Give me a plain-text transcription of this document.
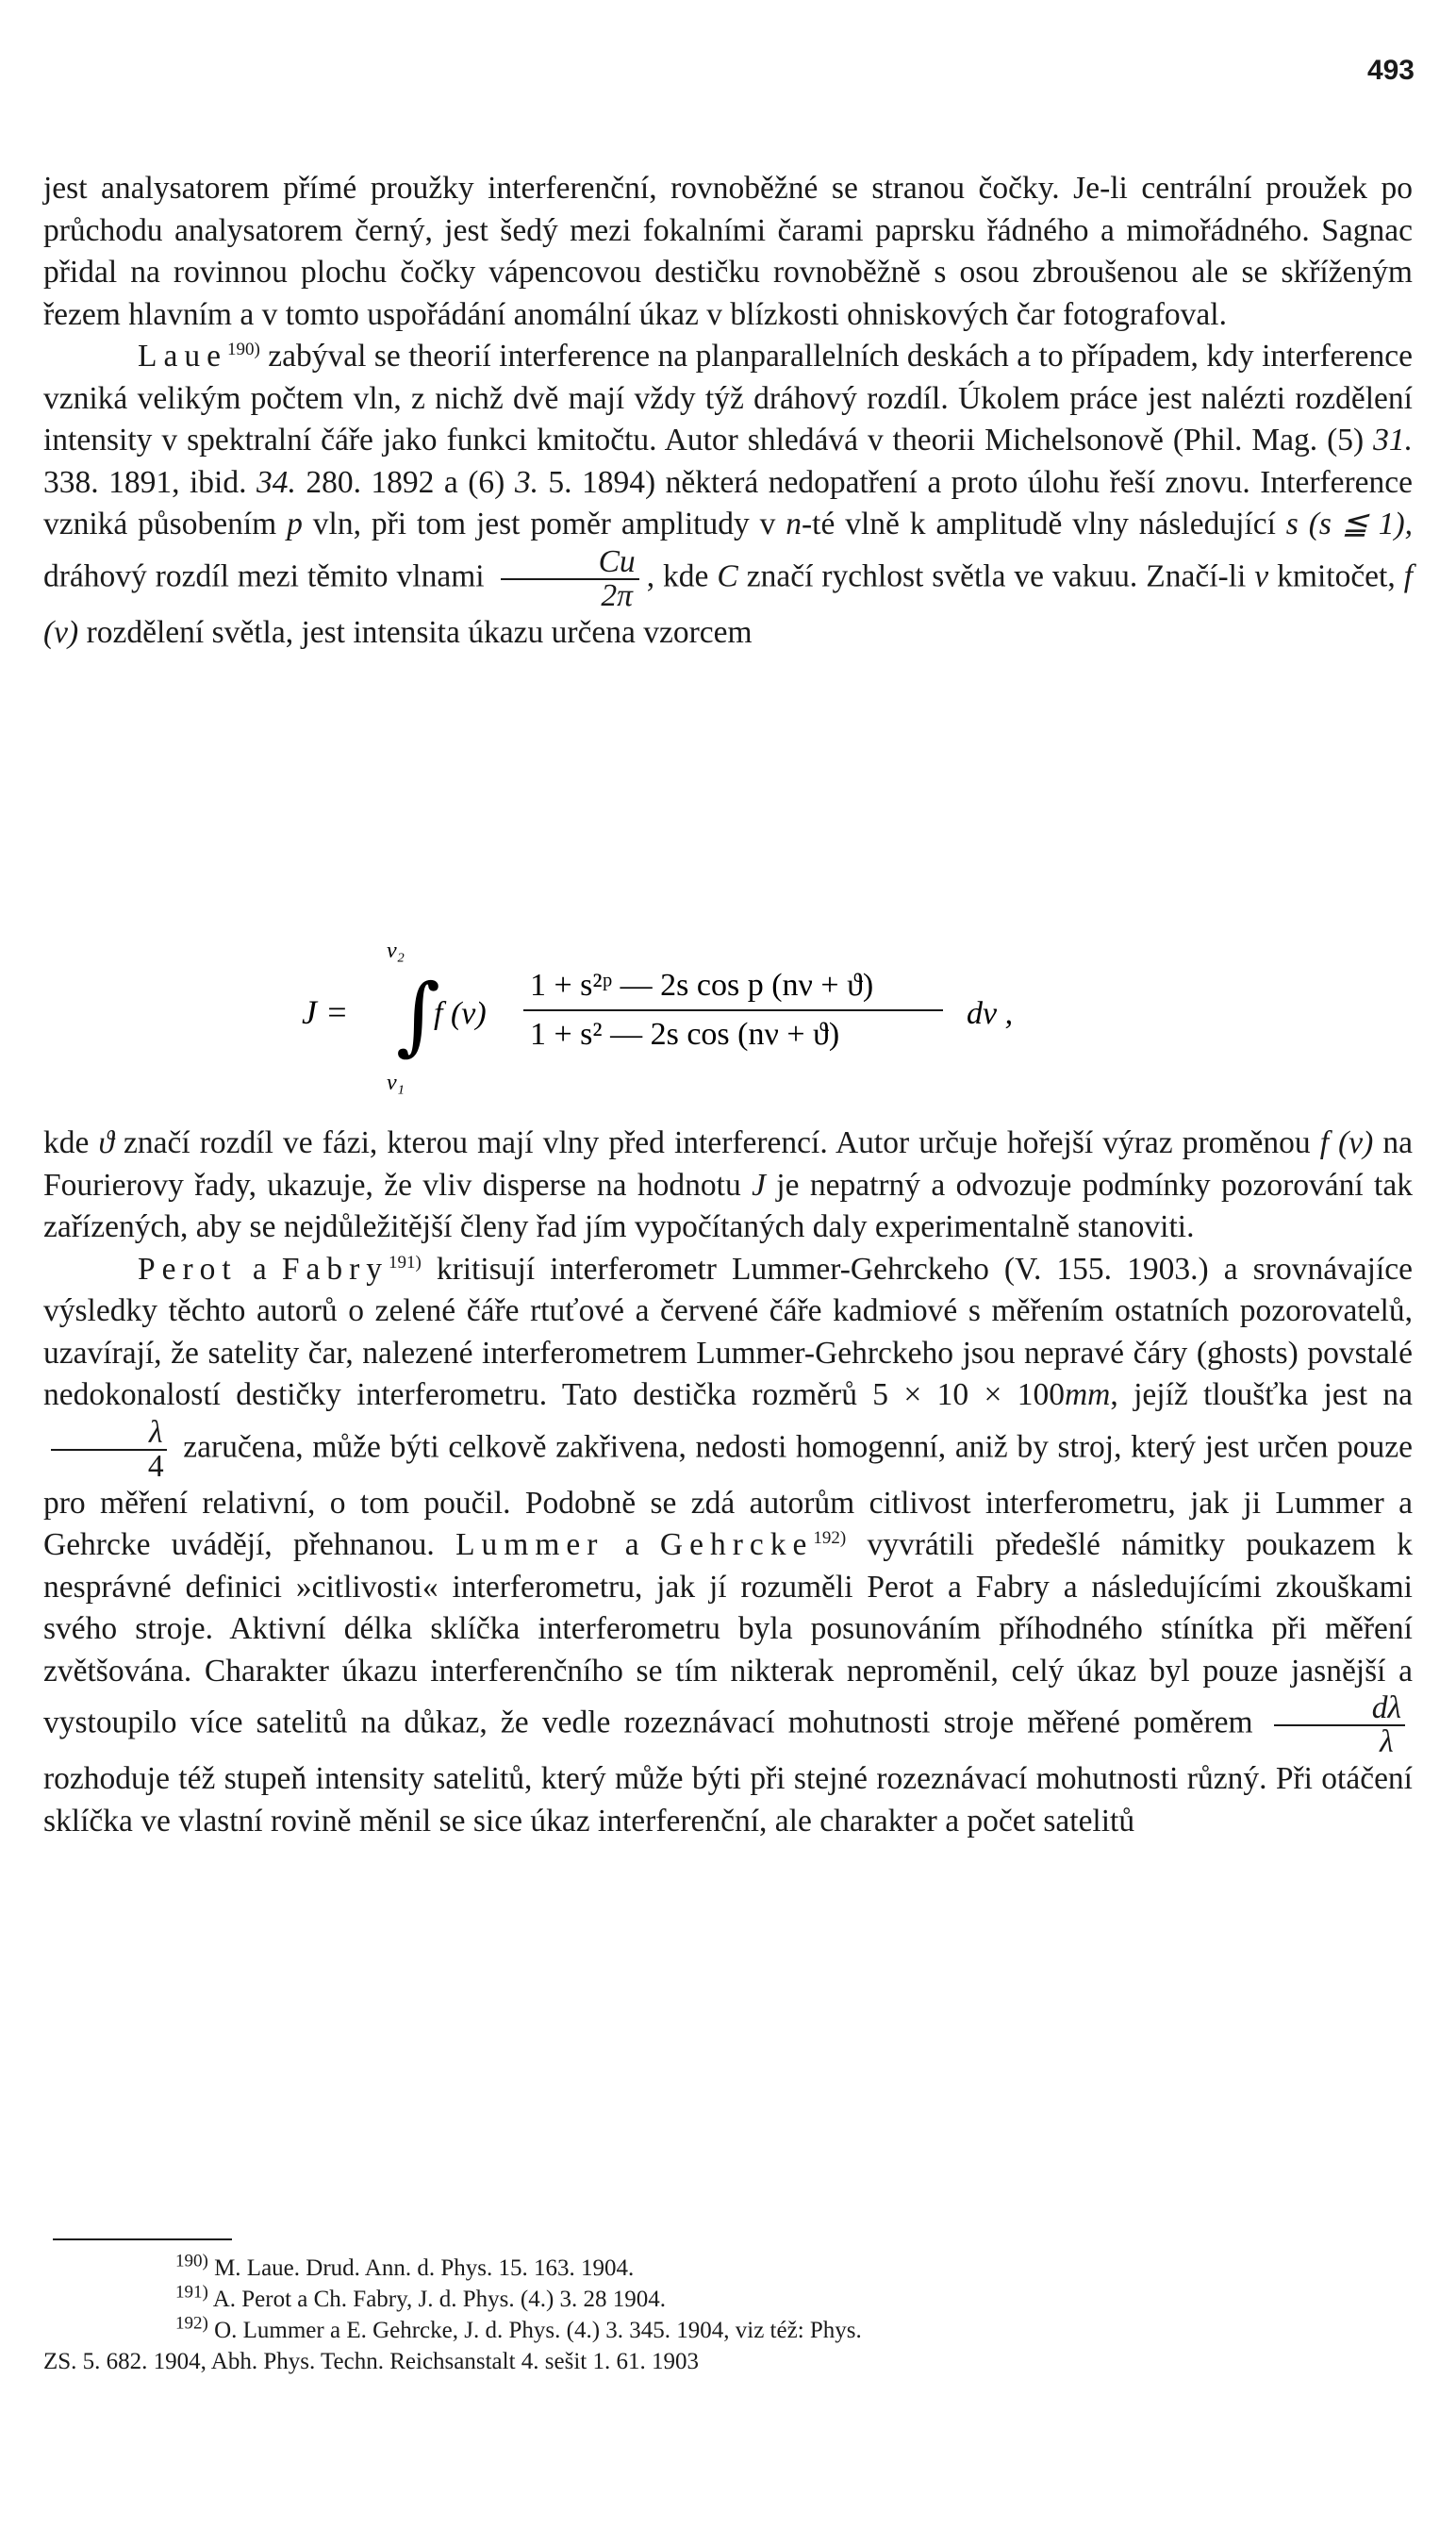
493

jest analysatorem přímé proužky interferenční, rovnoběžné se stranou čočky. Je-li centrální proužek po průchodu analysatorem černý, jest šedý mezi fokalními čarami paprsku řádného a mimořádného. Sagnac přidal na rovinnou plochu čočky vápencovou destičku rovnoběžně s osou zbroušenou ale se skříženým řezem hlavním a v tomto uspořádání anomální úkaz v blízkosti ohniskových čar fotografoval.

Laue$^{190)}$ zabýval se theorií interference na planparallelních deskách a to případem, kdy interference vzniká velikým počtem vln, z nichž dvě mají vždy týž dráhový rozdíl. Úkolem práce jest nalézti rozdělení intensity v spektralní čáře jako funkci kmitočtu. Autor shledává v theorii Michelsonově (Phil. Mag. (5) 31. 338. 1891, ibid. 34. 280. 1892 a (6) 3. 5. 1894) některá nedopatření a proto úlohu řeší znovu. Interference vzniká působením p vln, při tom jest poměr amplitudy v n-té vlně k amplitudě vlny následující s (s ≦ 1), dráhový rozdíl mezi těmito vlnami $\frac{Cu}{2\pi}$ , kde C značí rychlost světla ve vakuu. Značí-li ν kmitočet, f (ν) rozdělení světla, jest intensita úkazu určena vzorcem

J = ∫
ν₂
ν₁
f (ν)
1 + s²ᵖ — 2s cos p (nν + ϑ)
1 + s² — 2s cos (nν + ϑ)
dν ,

kde ϑ značí rozdíl ve fázi, kterou mají vlny před interferencí. Autor určuje hořejší výraz proměnou f (ν) na Fourierovy řady, ukazuje, že vliv disperse na hodnotu J je nepatrný a odvozuje podmínky pozorování tak zařízených, aby se nejdůležitější členy řad jím vypočítaných daly experimentalně stanoviti.

Perot a Fabry$^{191)}$ kritisují interferometr Lummer-Gehrckeho (V. 155. 1903.) a srovnávajíce výsledky těchto autorů o zelené čáře rtuťové a červené čáře kadmiové s měřením ostatních pozorovatelů, uzavírají, že satelity čar, nalezené interferometrem Lummer-Gehrckeho jsou nepravé čáry (ghosts) povstalé nedokonalostí destičky interferometru. Tato destička rozměrů 5 × 10 × 100mm, jejíž tloušťka jest na
$\frac{\lambda}{4}$ zaručena, může býti celkově zakřivena, nedosti homogenní, aniž by stroj, který jest určen pouze pro měření relativní, o tom poučil. Podobně se zdá autorům citlivost interferometru, jak ji Lummer a Gehrcke uvádějí, přehnanou. Lummer a Gehrcke$^{192)}$ vyvrátili předešlé námitky poukazem k nesprávné definici »citlivosti« interferometru, jak jí rozuměli Perot a Fabry a následujícími zkouškami svého stroje. Aktivní délka sklíčka interferometru byla posunováním příhodného stínítka při měření zvětšována. Charakter úkazu interferenčního se tím nikterak neproměnil, celý úkaz byl pouze jasnější a vystoupilo více satelitů na důkaz, že vedle rozeznávací mohutnosti stroje měřené poměrem $\frac{d\lambda}{\lambda}$
rozhoduje též stupeň intensity satelitů, který může býti při stejné rozeznávací mohutnosti různý. Při otáčení sklíčka ve vlastní rovině měnil se sice úkaz interferenční, ale charakter a počet satelitů

$^{190)}$ M. Laue. Drud. Ann. d. Phys. 15. 163. 1904.

$^{191)}$ A. Perot a Ch. Fabry, J. d. Phys. (4.) 3. 28 1904.

$^{192)}$ O. Lummer a E. Gehrcke, J. d. Phys. (4.) 3. 345. 1904, viz též: Phys.

ZS. 5. 682. 1904, Abh. Phys. Techn. Reichsanstalt 4. sešit 1. 61. 1903
